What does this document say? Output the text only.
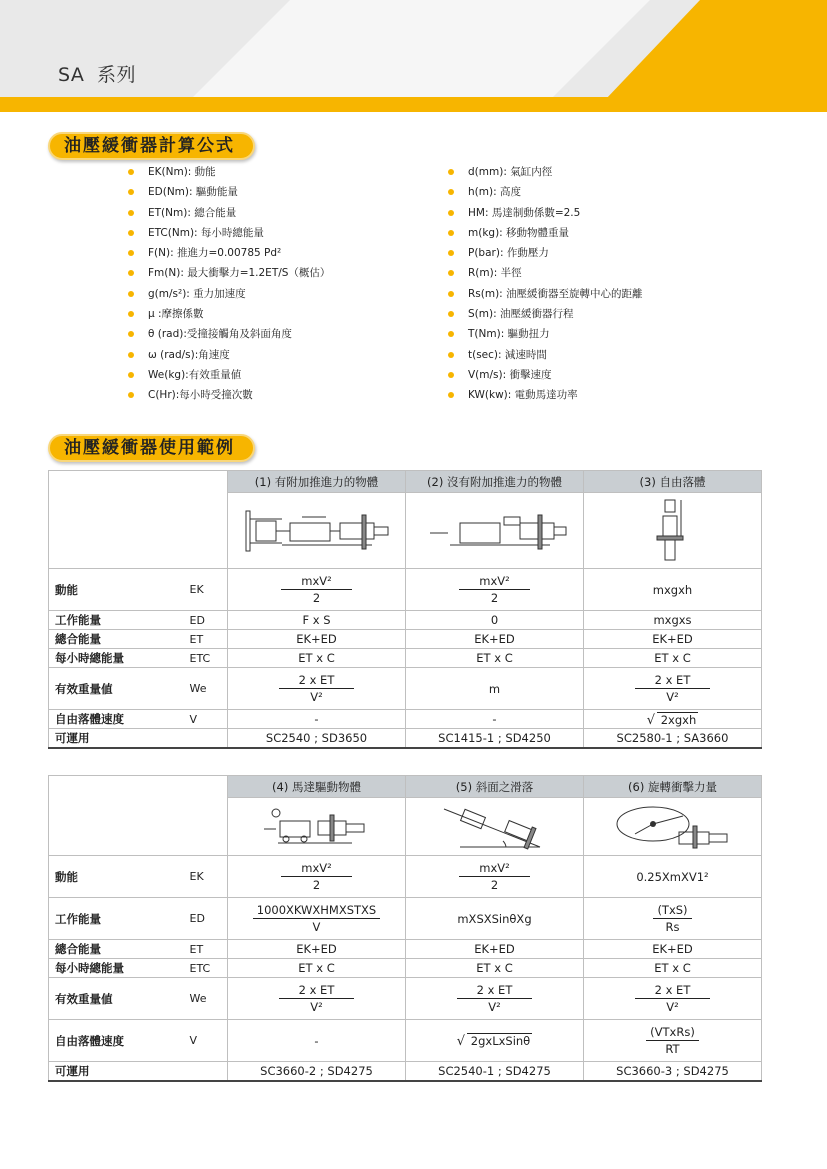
SA 系列
油壓緩衝器計算公式
EK(Nm): 動能
ED(Nm): 驅動能量
ET(Nm): 總合能量
ETC(Nm): 每小時總能量
F(N): 推進力=0.00785 Pd²
Fm(N): 最大衝擊力=1.2ET/S（概估）
g(m/s²): 重力加速度
μ :摩擦係數
θ (rad):受撞接觸角及斜面角度
ω (rad/s):角速度
We(kg):有效重量値
C(Hr):每小時受撞次數
d(mm): 氣缸内徑
h(m): 高度
HM: 馬達制動係數=2.5
m(kg): 移動物體重量
P(bar): 作動壓力
R(m): 半徑
Rs(m): 油壓緩衝器至旋轉中心的距離
S(m): 油壓緩衝器行程
T(Nm): 驅動扭力
t(sec): 減速時間
V(m/s): 衝擊速度
KW(kw): 電動馬達功率
油壓緩衝器使用範例
		(1) 有附加推進力的物體	(2) 沒有附加推進力的物體	(3) 自由落體

動能	EK	$\frac{\text{mxV²}}{2}$	$\frac{\text{mxV²}}{2}$	mxgxh
工作能量	ED	F x S	0	mxgxs
總合能量	ET	EK+ED	EK+ED	EK+ED
每小時總能量	ETC	ET x C	ET x C	ET x C
有效重量値	We	$\frac{\text{2 x ET}}{\text{V²}}$	m	$\frac{\text{2 x ET}}{\text{V²}}$

自由落體速度	V	-	-	√ 2xgxh
可運用		SC2540 ; SD3650	SC1415-1 ; SD4250	SC2580-1 ; SA3660
		(4) 馬達驅動物體	(5) 斜面之滑落	(6) 旋轉衝擊力量

動能	EK	$\frac{\text{mxV²}}{2}$	$\frac{\text{mxV²}}{2}$	0.25XmXV1²
工作能量	ED	$\frac{\text{1000XKWXHMXSTXS}}{V}$	mXSXSinθXg	$\frac{\text{(TxS)}}{Rs}$

總合能量	ET	EK+ED	EK+ED	EK+ED
每小時總能量	ETC	ET x C	ET x C	ET x C
有效重量値	We	$\frac{\text{2 x ET}}{\text{V²}}$	$\frac{\text{2 x ET}}{\text{V²}}$	$\frac{\text{2 x ET}}{\text{V²}}$

自由落體速度	V	-	√ 2gxLxSinθ	$\frac{\text{(VTxRs)}}{RT}$

可運用		SC3660-2 ; SD4275	SC2540-1 ; SD4275	SC3660-3 ; SD4275
